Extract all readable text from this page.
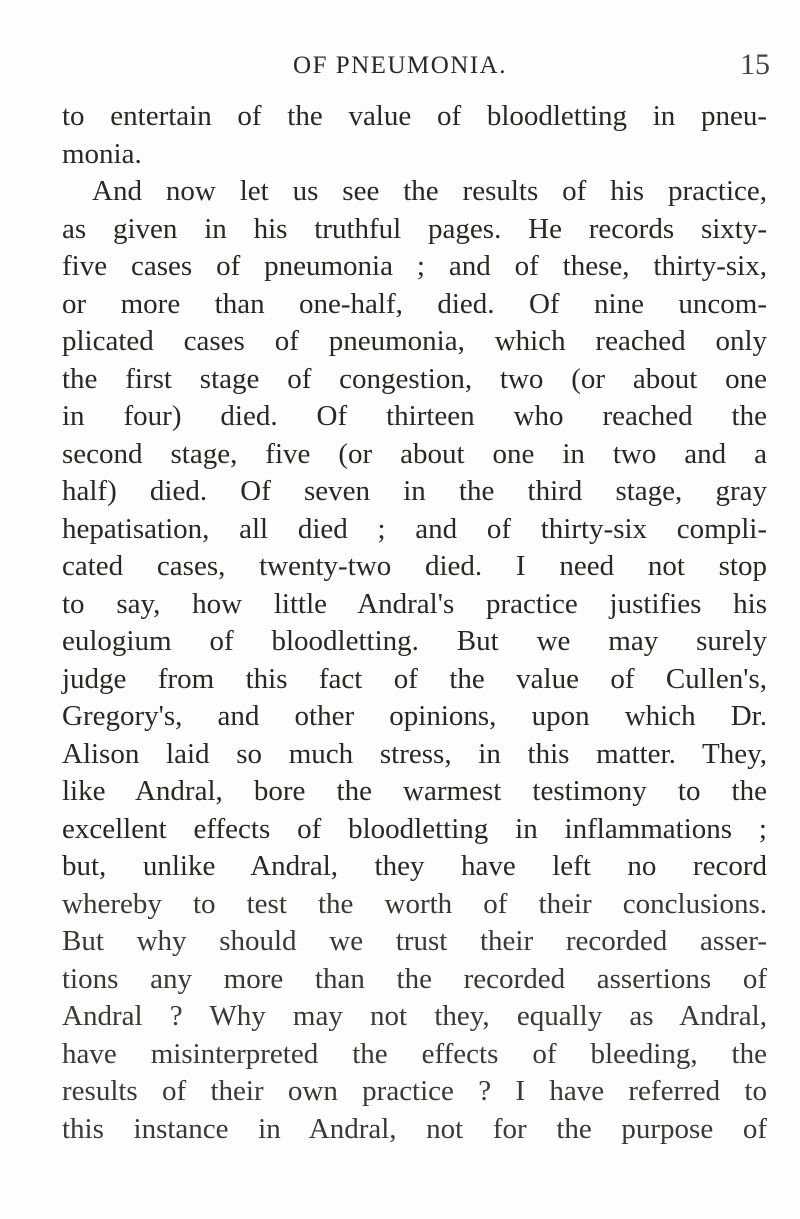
OF PNEUMONIA.	15
to entertain of the value of bloodletting in pneu-
monia.
And now let us see the results of his practice,
as given in his truthful pages. He records sixty-
five cases of pneumonia ; and of these, thirty-six,
or more than one-half, died. Of nine uncom-
plicated cases of pneumonia, which reached only
the first stage of congestion, two (or about one
in four) died. Of thirteen who reached the
second stage, five (or about one in two and a
half) died. Of seven in the third stage, gray
hepatisation, all died ; and of thirty-six compli-
cated cases, twenty-two died. I need not stop
to say, how little Andral's practice justifies his
eulogium of bloodletting. But we may surely
judge from this fact of the value of Cullen's,
Gregory's, and other opinions, upon which Dr.
Alison laid so much stress, in this matter. They,
like Andral, bore the warmest testimony to the
excellent effects of bloodletting in inflammations ;
but, unlike Andral, they have left no record
whereby to test the worth of their conclusions.
But why should we trust their recorded asser-
tions any more than the recorded assertions of
Andral ? Why may not they, equally as Andral,
have misinterpreted the effects of bleeding, the
results of their own practice ? I have referred to
this instance in Andral, not for the purpose of
